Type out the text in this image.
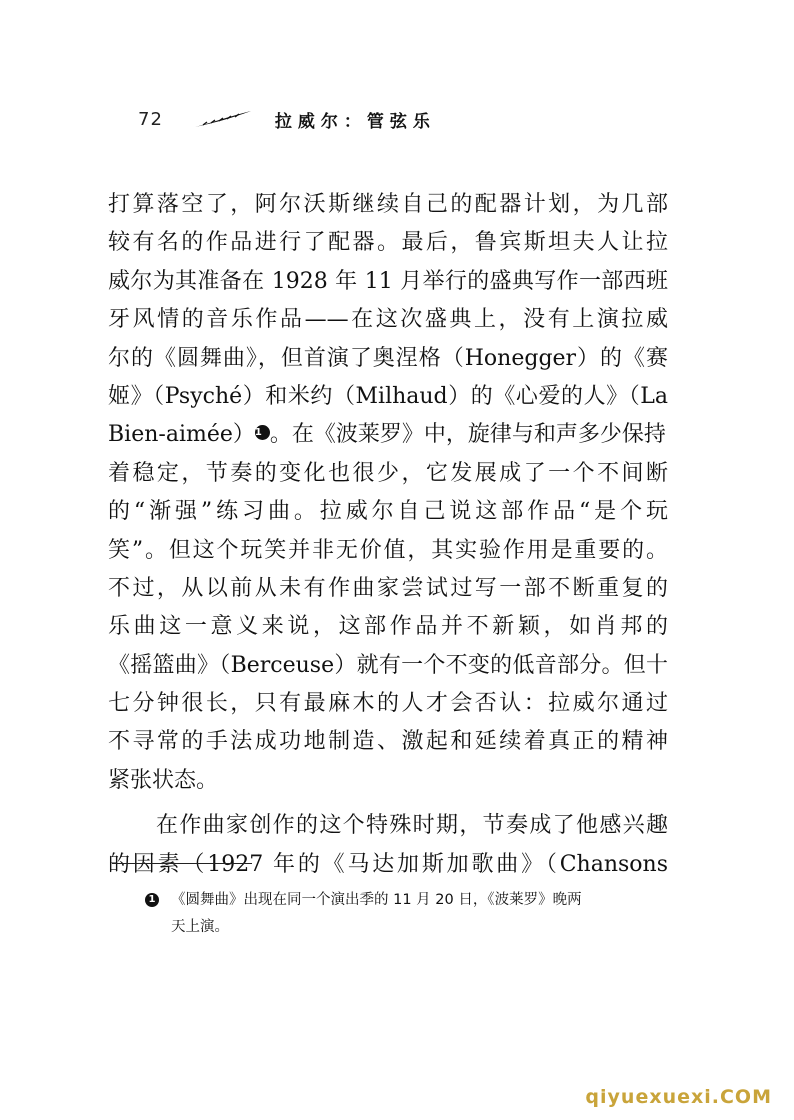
72	拉威尔：管弦乐
打算落空了，阿尔沃斯继续自己的配器计划，为几部
较有名的作品进行了配器。最后，鲁宾斯坦夫人让拉
威尔为其准备在 1928 年 11 月举行的盛典写作一部西班
牙风情的音乐作品——在这次盛典上，没有上演拉威
尔的《圆舞曲》，但首演了奥涅格（Honegger）的《赛
姬》（Psyché）和米约（Milhaud）的《心爱的人》（La
Bien-aimée）1 。在《波莱罗》中，旋律与和声多少保持
着稳定，节奏的变化也很少，它发展成了一个不间断
的“渐强”练习曲。拉威尔自己说这部作品“是个玩
笑”。但这个玩笑并非无价值，其实验作用是重要的。
不过，从以前从未有作曲家尝试过写一部不断重复的
乐曲这一意义来说，这部作品并不新颖，如肖邦的
《摇篮曲》（Berceuse）就有一个不变的低音部分。但十
七分钟很长，只有最麻木的人才会否认：拉威尔通过
不寻常的手法成功地制造、激起和延续着真正的精神
紧张状态。
在作曲家创作的这个特殊时期，节奏成了他感兴趣
的因素（1927 年的《马达加斯加歌曲》（Chansons
1 《圆舞曲》出现在同一个演出季的 11 月 20 日，《波莱罗》晚两
天上演。
qiyuexuexi.COM
